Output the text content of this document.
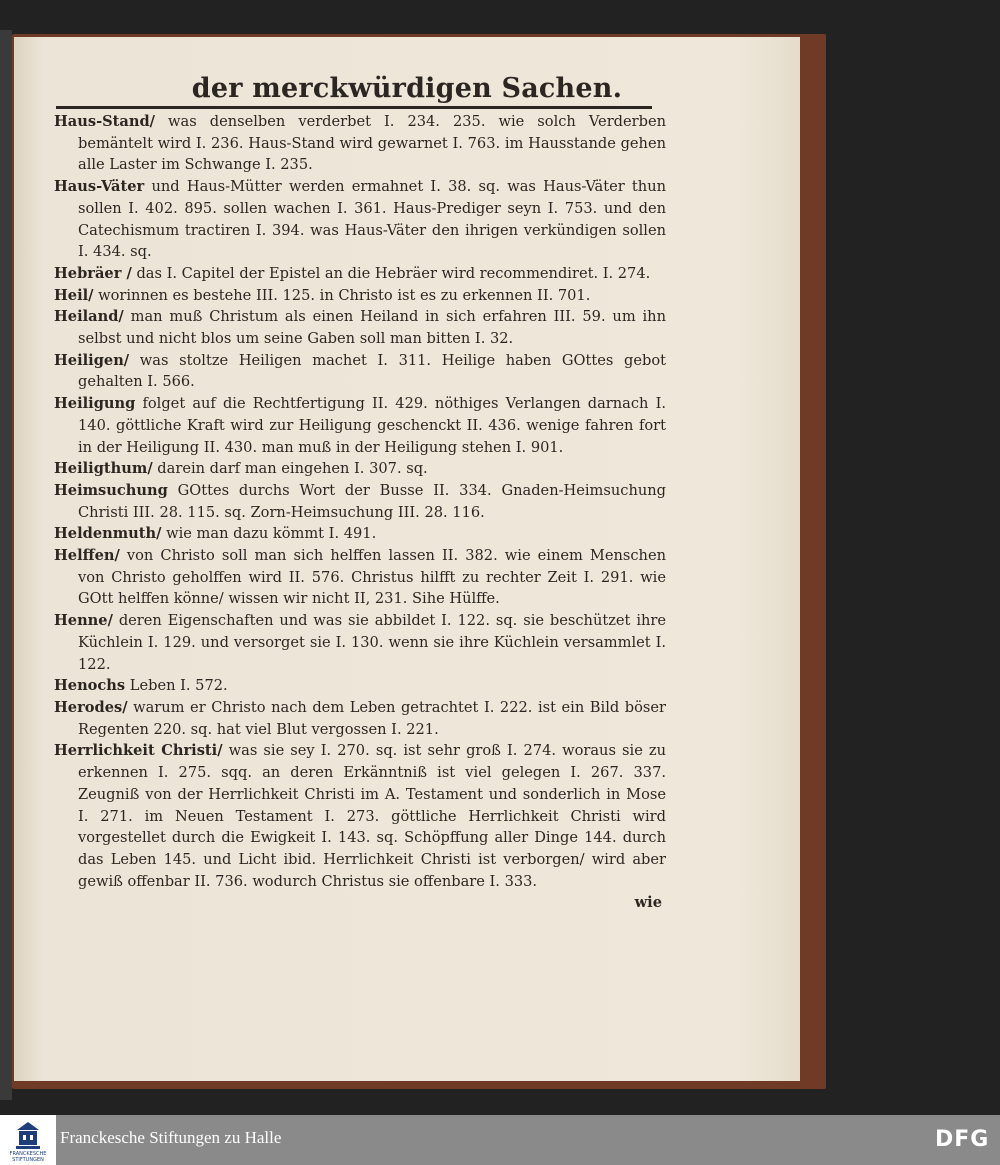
der merckwürdigen Sachen.

Haus-Stand/ was denselben verderbet I. 234. 235. wie solch Verderben bemäntelt wird I. 236. Haus-Stand wird gewarnet I. 763. im Hausstande gehen alle Laster im Schwange I. 235.

Haus-Väter und Haus-Mütter werden ermahnet I. 38. sq. was Haus-Väter thun sollen I. 402. 895. sollen wachen I. 361. Haus-Prediger seyn I. 753. und den Catechismum tractiren I. 394. was Haus-Väter den ihrigen verkündigen sollen I. 434. sq.

Hebräer / das I. Capitel der Epistel an die Hebräer wird recommendiret. I. 274.

Heil/ worinnen es bestehe III. 125. in Christo ist es zu erkennen II. 701.

Heiland/ man muß Christum als einen Heiland in sich erfahren III. 59. um ihn selbst und nicht blos um seine Gaben soll man bitten I. 32.

Heiligen/ was stoltze Heiligen machet I. 311. Heilige haben GOttes gebot gehalten I. 566.

Heiligung folget auf die Rechtfertigung II. 429. nöthiges Verlangen darnach I. 140. göttliche Kraft wird zur Heiligung geschenckt II. 436. wenige fahren fort in der Heiligung II. 430. man muß in der Heiligung stehen I. 901.

Heiligthum/ darein darf man eingehen I. 307. sq.

Heimsuchung GOttes durchs Wort der Busse II. 334. Gnaden-Heimsuchung Christi III. 28. 115. sq. Zorn-Heimsuchung III. 28. 116.

Heldenmuth/ wie man dazu kömmt I. 491.

Helffen/ von Christo soll man sich helffen lassen II. 382. wie einem Menschen von Christo geholffen wird II. 576. Christus hilfft zu rechter Zeit I. 291. wie GOtt helffen könne/ wissen wir nicht II, 231. Sihe Hülffe.

Henne/ deren Eigenschaften und was sie abbildet I. 122. sq. sie beschützet ihre Küchlein I. 129. und versorget sie I. 130. wenn sie ihre Küchlein versammlet I. 122.

Henochs Leben I. 572.

Herodes/ warum er Christo nach dem Leben getrachtet I. 222. ist ein Bild böser Regenten 220. sq. hat viel Blut vergossen I. 221.

Herrlichkeit Christi/ was sie sey I. 270. sq. ist sehr groß I. 274. woraus sie zu erkennen I. 275. sqq. an deren Erkänntniß ist viel gelegen I. 267. 337. Zeugniß von der Herrlichkeit Christi im A. Testament und sonderlich in Mose I. 271. im Neuen Testament I. 273. göttliche Herrlichkeit Christi wird vorgestellet durch die Ewigkeit I. 143. sq. Schöpffung aller Dinge 144. durch das Leben 145. und Licht ibid. Herrlichkeit Christi ist verborgen/ wird aber gewiß offenbar II. 736. wodurch Christus sie offenbare I. 333.

wie
FRANCKESCHE STIFTUNGEN
Franckesche Stiftungen zu Halle	DFG
